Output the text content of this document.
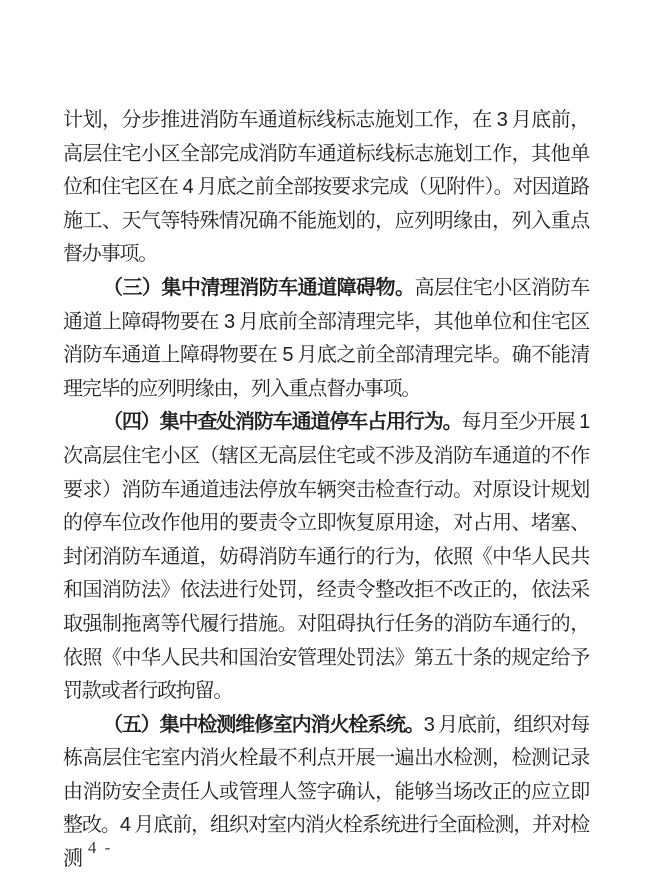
计划，分步推进消防车通道标线标志施划工作，在 3 月底前，高层住宅小区全部完成消防车通道标线标志施划工作，其他单位和住宅区在 4 月底之前全部按要求完成（见附件）。对因道路施工、天气等特殊情况确不能施划的，应列明缘由，列入重点督办事项。

（三）集中清理消防车通道障碍物。高层住宅小区消防车通道上障碍物要在 3 月底前全部清理完毕，其他单位和住宅区消防车通道上障碍物要在 5 月底之前全部清理完毕。确不能清理完毕的应列明缘由，列入重点督办事项。

（四）集中查处消防车通道停车占用行为。每月至少开展 1 次高层住宅小区（辖区无高层住宅或不涉及消防车通道的不作要求）消防车通道违法停放车辆突击检查行动。对原设计规划的停车位改作他用的要责令立即恢复原用途，对占用、堵塞、封闭消防车通道，妨碍消防车通行的行为，依照《中华人民共和国消防法》依法进行处罚，经责令整改拒不改正的，依法采取强制拖离等代履行措施。对阻碍执行任务的消防车通行的，依照《中华人民共和国治安管理处罚法》第五十条的规定给予罚款或者行政拘留。

（五）集中检测维修室内消火栓系统。3 月底前，组织对每栋高层住宅室内消火栓最不利点开展一遍出水检测，检测记录由消防安全责任人或管理人签字确认，能够当场改正的应立即整改。4 月底前，组织对室内消火栓系统进行全面检测，并对检测

- 4 -
